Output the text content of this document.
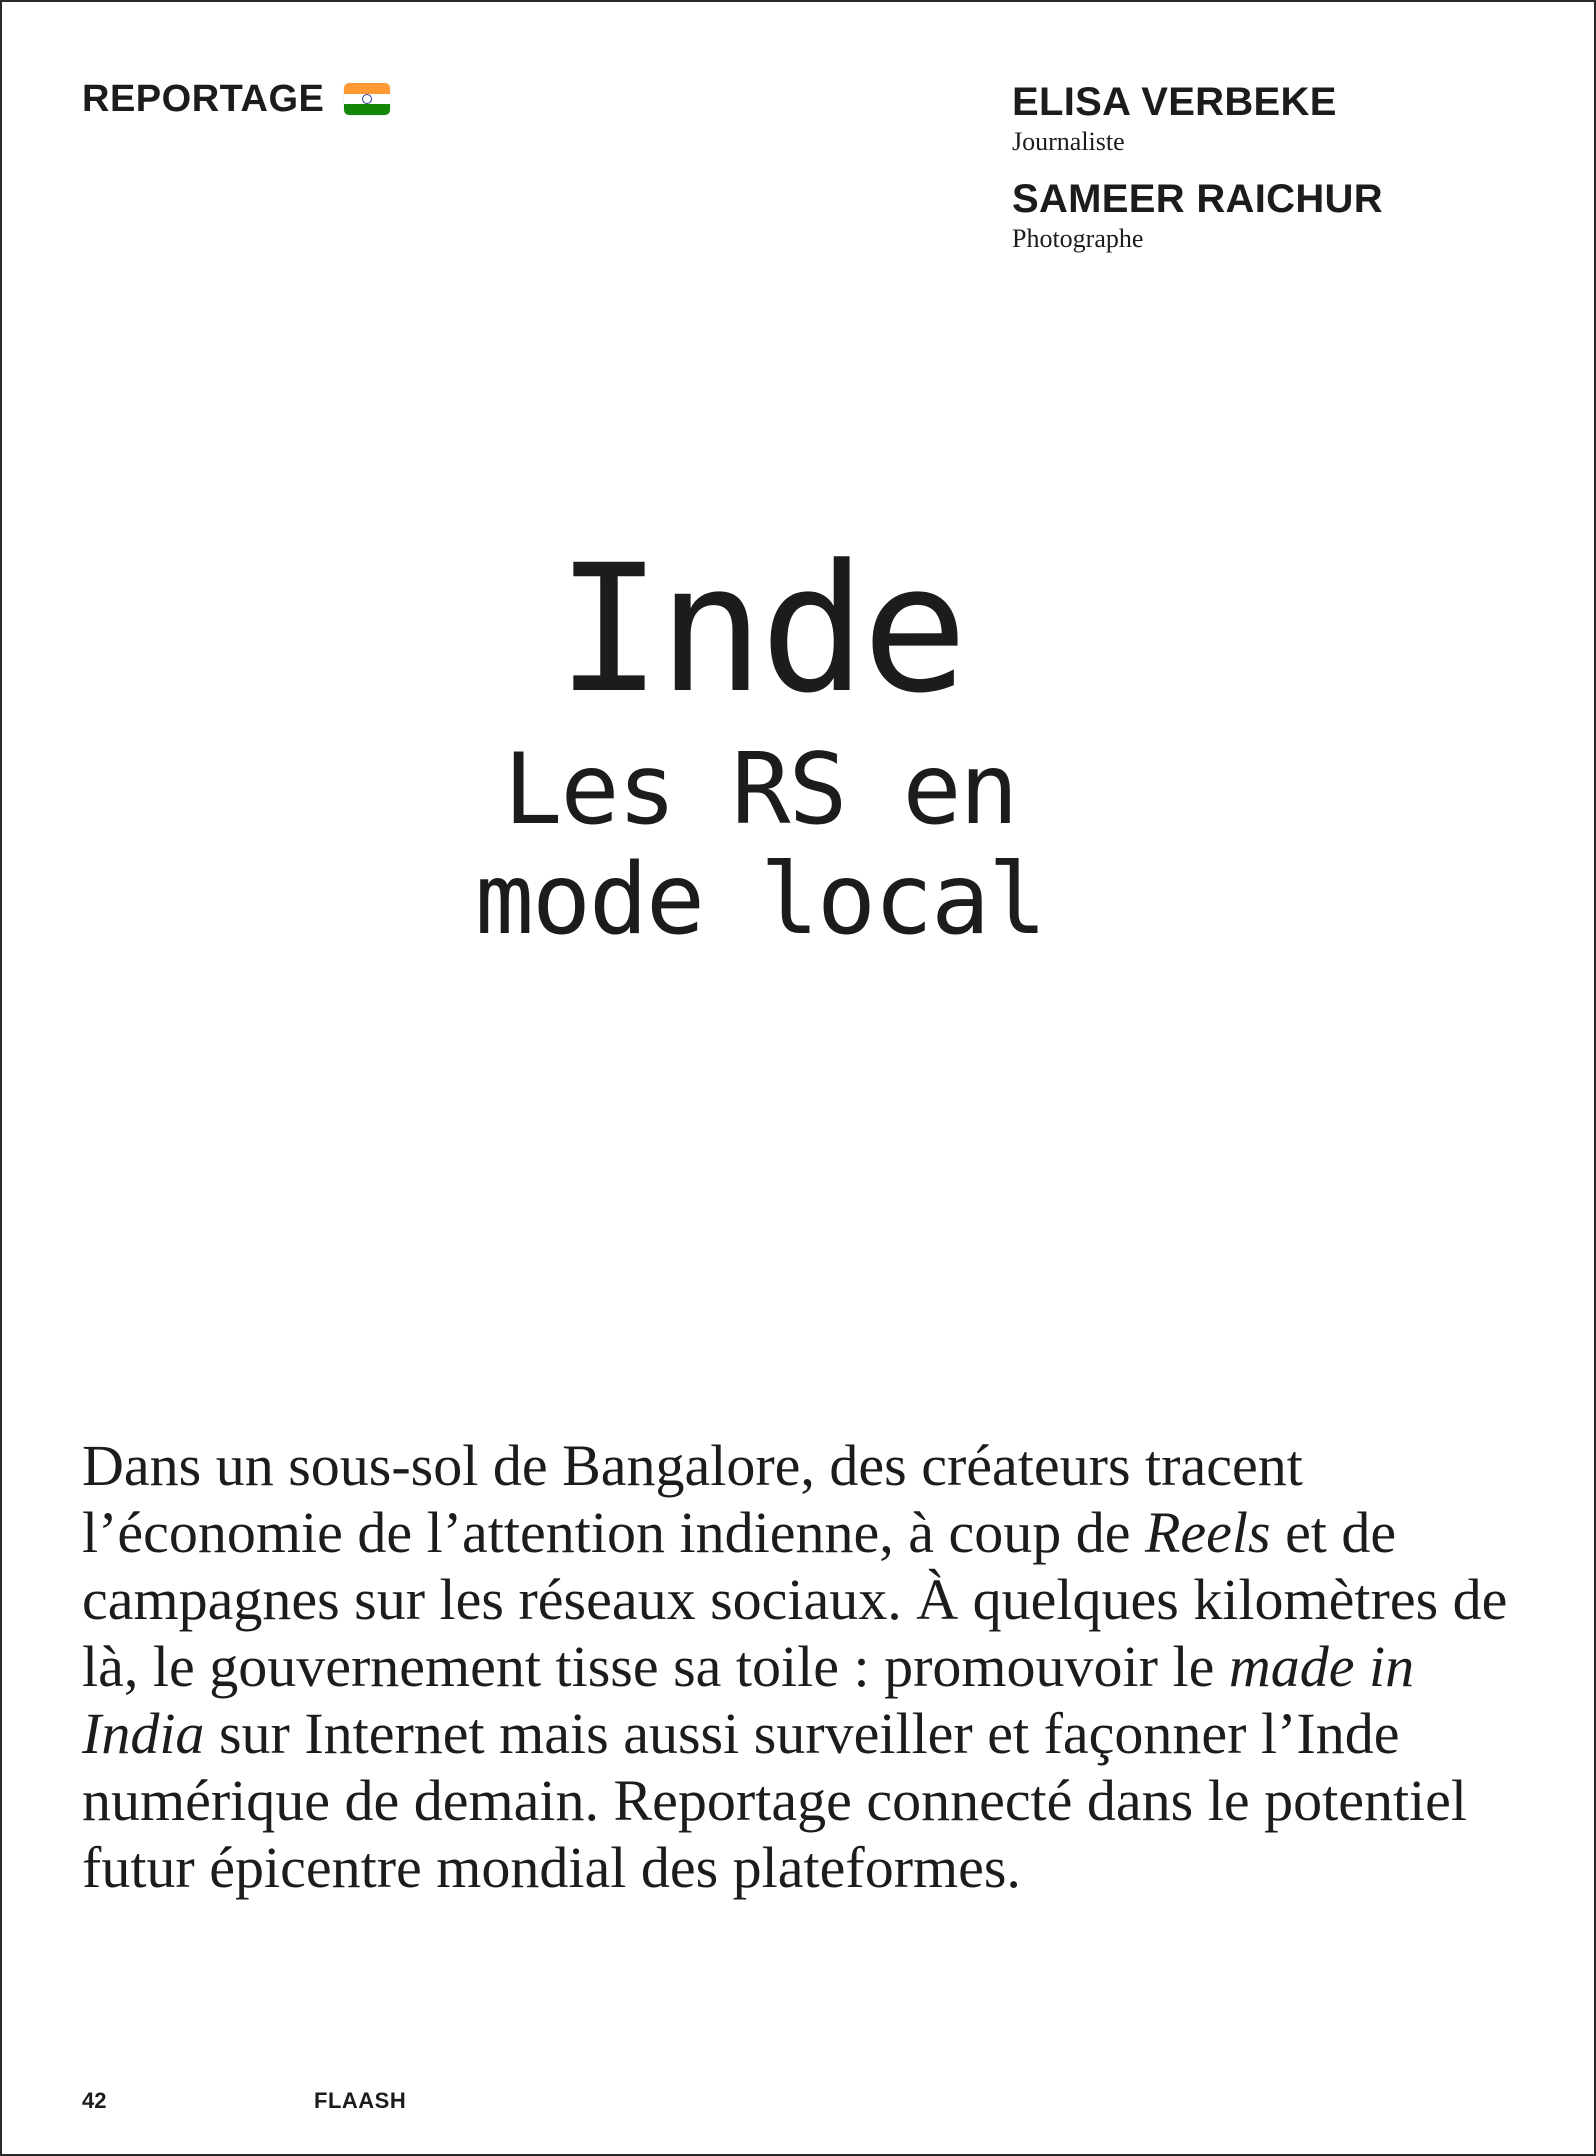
REPORTAGE	ELISA VERBEKE
Journaliste
SAMEER RAICHUR
Photographe
Inde
Les RS en mode local

Dans un sous-sol de Bangalore, des créateurs tracent l’économie de l’attention indienne, à coup de Reels et de campagnes sur les réseaux sociaux. À quelques kilomètres de là, le gouvernement tisse sa toile : promouvoir le made in India sur Internet mais aussi surveiller et façonner l’Inde numérique de demain. Reportage connecté dans le potentiel futur épicentre mondial des plateformes.

42	FLAASH
